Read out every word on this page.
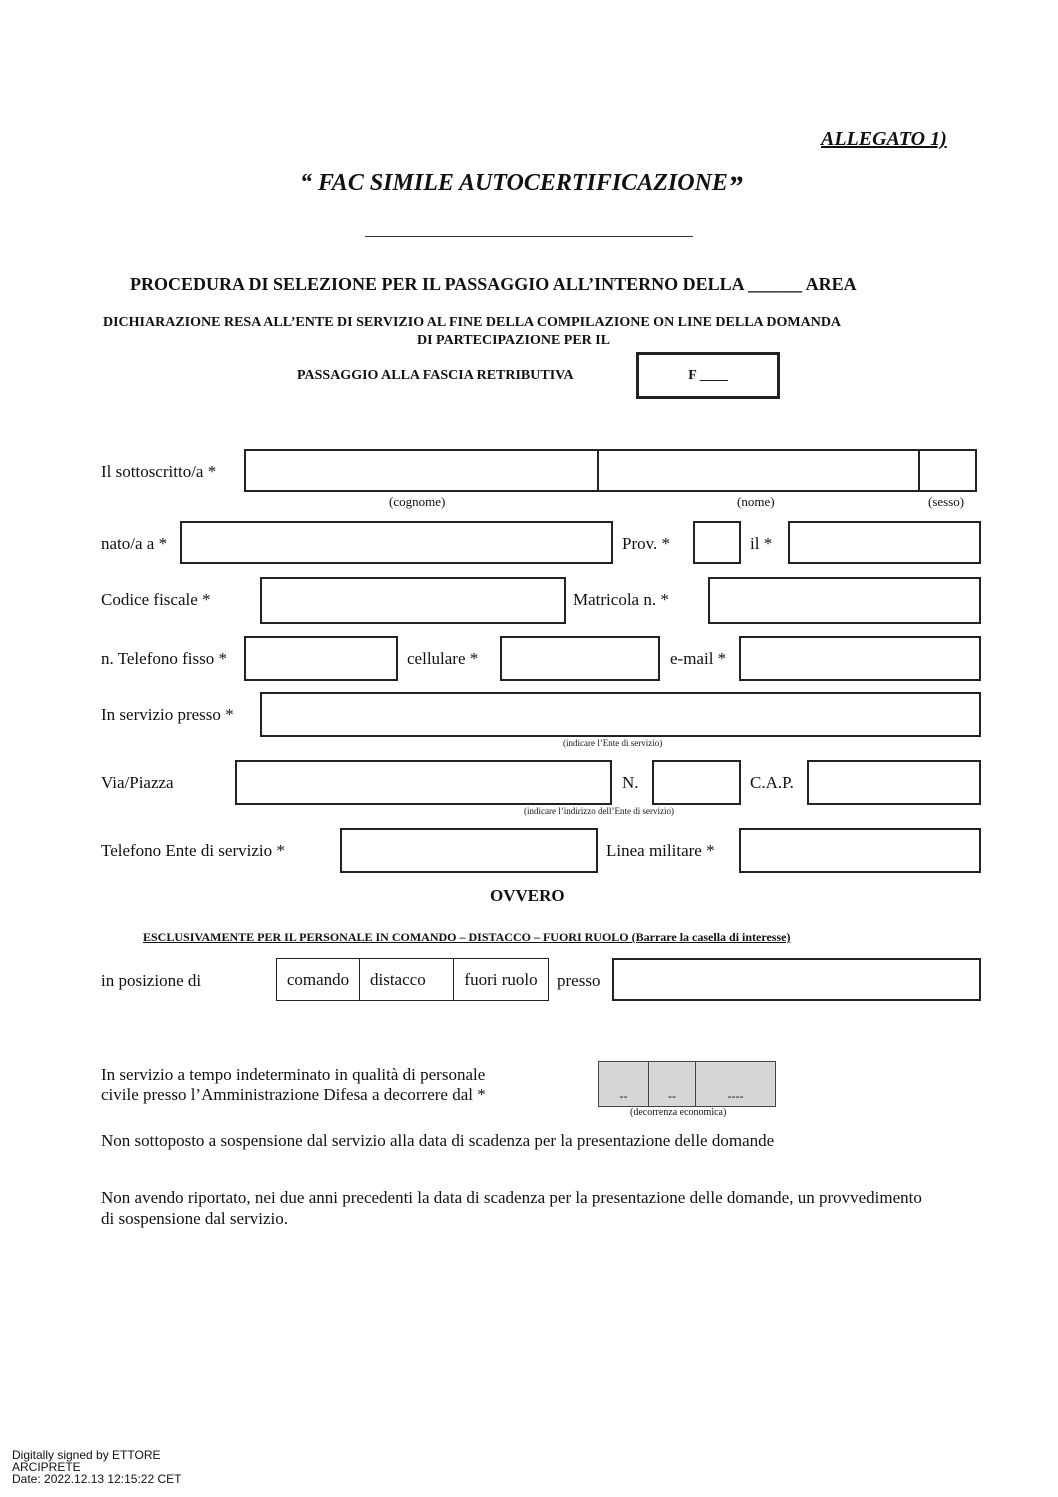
ALLEGATO 1)
“ FAC SIMILE AUTOCERTIFICAZIONE”
PROCEDURA DI SELEZIONE PER IL PASSAGGIO ALL’INTERNO DELLA ______ AREA
DICHIARAZIONE RESA ALL’ENTE DI SERVIZIO AL FINE DELLA COMPILAZIONE ON LINE DELLA DOMANDA
DI PARTECIPAZIONE PER IL
PASSAGGIO ALLA FASCIA RETRIBUTIVA	F ____
Il sottoscritto/a *
(cognome)	(nome)	(sesso)
nato/a a *	Prov. *	il *
Codice fiscale *	Matricola n. *
n. Telefono fisso *	cellulare *	e-mail *
In servizio presso *
(indicare l’Ente di servizio)
Via/Piazza	N.	C.A.P.
(indicare l’indirizzo dell’Ente di servizio)
Telefono Ente di servizio *	Linea militare *
OVVERO
ESCLUSIVAMENTE PER IL PERSONALE IN COMANDO – DISTACCO – FUORI RUOLO (Barrare la casella di interesse)
in posizione di	comando distacco fuori ruolo presso
In servizio a tempo indeterminato in qualità di personale
civile presso l’Amministrazione Difesa a decorrere dal *	--	--	----
(decorrenza economica)
Non sottoposto a sospensione dal servizio alla data di scadenza per la presentazione delle domande
Non avendo riportato, nei due anni precedenti la data di scadenza per la presentazione delle domande, un provvedimento
di sospensione dal servizio.
Digitally signed by ETTORE
ARCIPRETE
Date: 2022.12.13 12:15:22 CET
